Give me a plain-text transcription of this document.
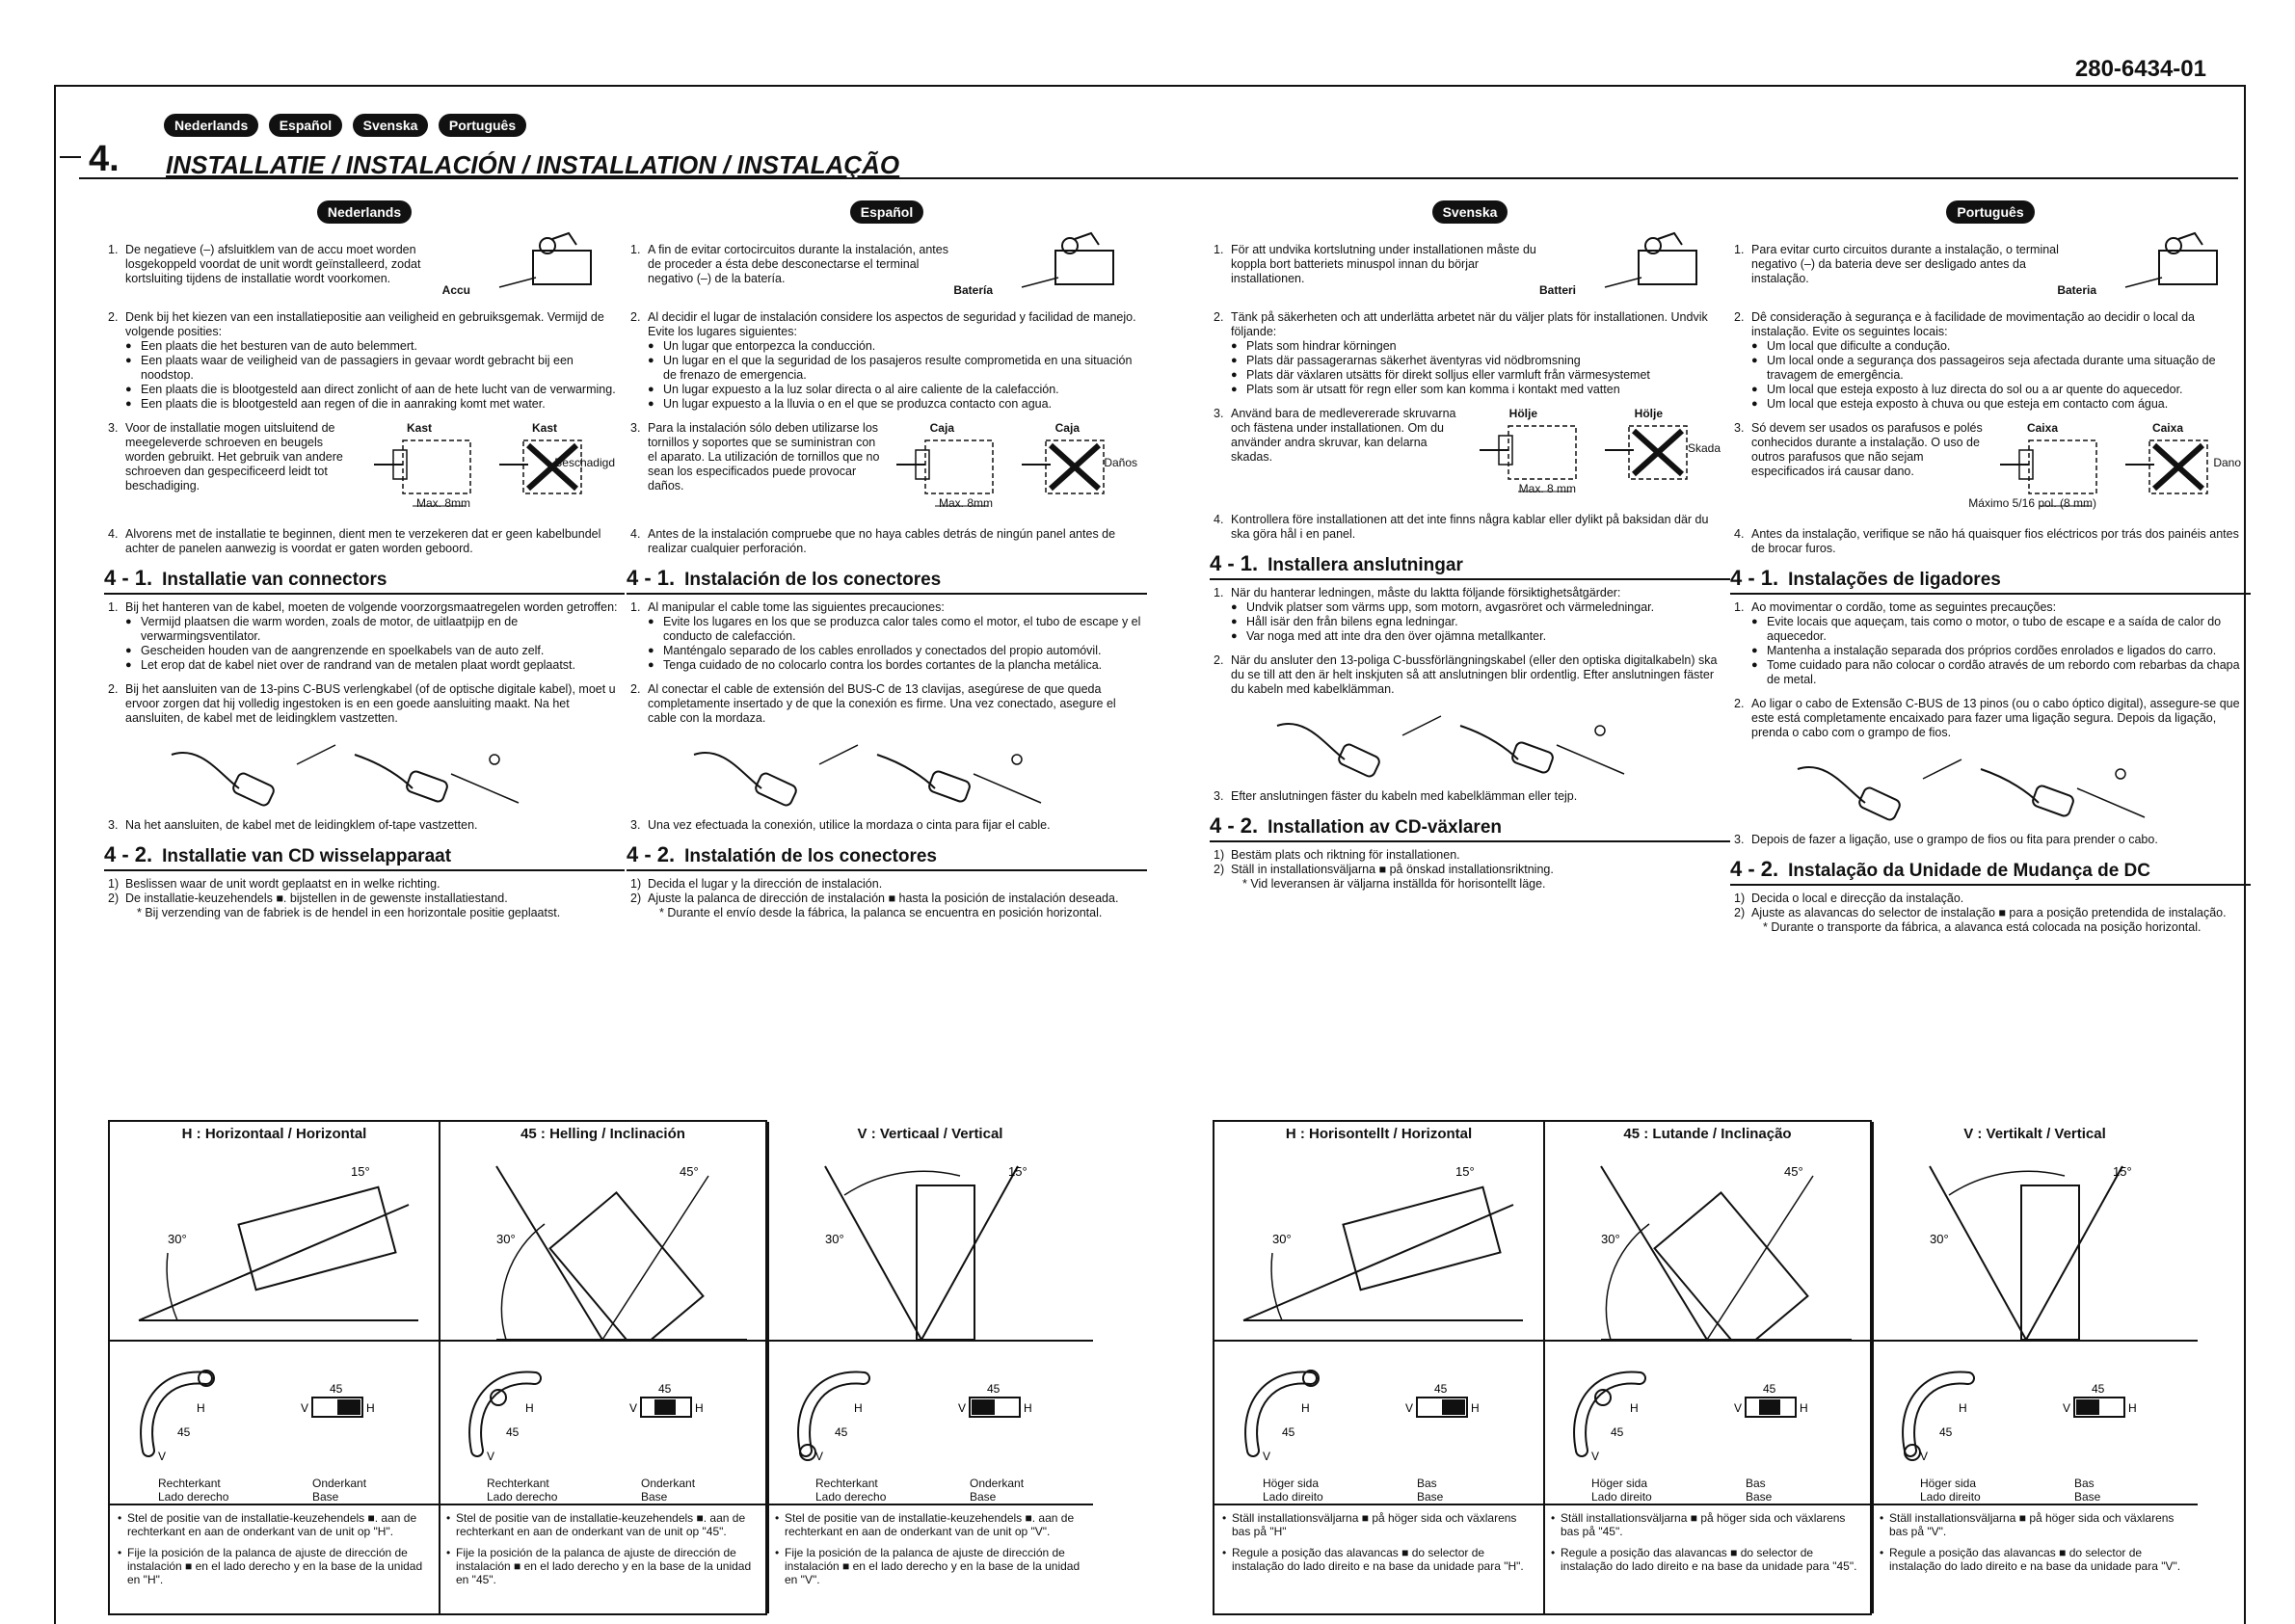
280-6434-01
Nederlands Español Svenska Português
4. INSTALLATIE / INSTALACIÓN / INSTALLATION / INSTALAÇÃO
Nederlands
1. De negatieve (–) afsluitklem van de accu moet worden losgekoppeld voordat de unit wordt geïnstalleerd, zodat kortsluiting tijdens de installatie wordt voorkomen.
Accu
2. Denk bij het kiezen van een installatiepositie aan veiligheid en gebruiksgemak. Vermijd de volgende posities:
● Een plaats die het besturen van de auto belemmert.
● Een plaats waar de veiligheid van de passagiers in gevaar wordt gebracht bij een noodstop.
● Een plaats die is blootgesteld aan direct zonlicht of aan de hete lucht van de verwarming.
● Een plaats die is blootgesteld aan regen of die in aanraking komt met water.
3. Voor de installatie mogen uitsluitend de meegeleverde schroeven en beugels worden gebruikt. Het gebruik van andere schroeven dan gespecificeerd leidt tot beschadiging.
Kast	Kast
Beschadigd
Max. 8mm
4. Alvorens met de installatie te beginnen, dient men te verzekeren dat er geen kabelbundel achter de panelen aanwezig is voordat er gaten worden geboord.
4 - 1. Installatie van connectors
1. Bij het hanteren van de kabel, moeten de volgende voorzorgsmaatregelen worden getroffen:
● Vermijd plaatsen die warm worden, zoals de motor, de uitlaatpijp en de verwarmingsventilator.
● Gescheiden houden van de aangrenzende en spoelkabels van de auto zelf.
● Let erop dat de kabel niet over de randrand van de metalen plaat wordt geplaatst.
2. Bij het aansluiten van de 13-pins C-BUS verlengkabel (of de optische digitale kabel), moet u ervoor zorgen dat hij volledig ingestoken is en een goede aansluiting maakt. Na het aansluiten, de kabel met de leidingklem vastzetten.
3. Na het aansluiten, de kabel met de leidingklem of-tape vastzetten.
4 - 2. Installatie van CD wisselapparaat
1) Beslissen waar de unit wordt geplaatst en in welke richting.
2) De installatie-keuzehendels ■. bijstellen in de gewenste installatiestand.
* Bij verzending van de fabriek is de hendel in een horizontale positie geplaatst.
Español
1. A fin de evitar cortocircuitos durante la instalación, antes de proceder a ésta debe desconectarse el terminal negativo (–) de la batería.
Batería
2. Al decidir el lugar de instalación considere los aspectos de seguridad y facilidad de manejo. Evite los lugares siguientes:
● Un lugar que entorpezca la conducción.
● Un lugar en el que la seguridad de los pasajeros resulte comprometida en una situación de frenazo de emergencia.
● Un lugar expuesto a la luz solar directa o al aire caliente de la calefacción.
● Un lugar expuesto a la lluvia o en el que se produzca contacto con agua.
3. Para la instalación sólo deben utilizarse los tornillos y soportes que se suministran con el aparato. La utilización de tornillos que no sean los especificados puede provocar daños.
Caja	Caja
Daños
Max. 8mm
4. Antes de la instalación compruebe que no haya cables detrás de ningún panel antes de realizar cualquier perforación.
4 - 1. Instalación de los conectores
1. Al manipular el cable tome las siguientes precauciones:
● Evite los lugares en los que se produzca calor tales como el motor, el tubo de escape y el conducto de calefacción.
● Manténgalo separado de los cables enrollados y conectados del propio automóvil.
● Tenga cuidado de no colocarlo contra los bordes cortantes de la plancha metálica.
2. Al conectar el cable de extensión del BUS-C de 13 clavijas, asegúrese de que queda completamente insertado y de que la conexión es firme. Una vez conectado, asegure el cable con la mordaza.
3. Una vez efectuada la conexión, utilice la mordaza o cinta para fijar el cable.
4 - 2. Instalatión de los conectores
1) Decida el lugar y la dirección de instalación.
2) Ajuste la palanca de dirección de instalación ■ hasta la posición de instalación deseada.
* Durante el envío desde la fábrica, la palanca se encuentra en posición horizontal.
Svenska
1. För att undvika kortslutning under installationen måste du koppla bort batteriets minuspol innan du börjar installationen.
Batteri
2. Tänk på säkerheten och att underlätta arbetet när du väljer plats för installationen. Undvik följande:
● Plats som hindrar körningen
● Plats där passagerarnas säkerhet äventyras vid nödbromsning
● Plats där växlaren utsätts för direkt solljus eller varmluft från värmesystemet
● Plats som är utsatt för regn eller som kan komma i kontakt med vatten
3. Använd bara de medlevererade skruvarna och fästena under installationen. Om du använder andra skruvar, kan delarna skadas.
Hölje	Hölje
Skada
Max. 8 mm
4. Kontrollera före installationen att det inte finns några kablar eller dylikt på baksidan där du ska göra hål i en panel.
4 - 1. Installera anslutningar
1. När du hanterar ledningen, måste du laktta följande försiktighetsåtgärder:
● Undvik platser som värms upp, som motorn, avgasröret och värmeledningar.
● Håll isär den från bilens egna ledningar.
● Var noga med att inte dra den över ojämna metallkanter.
2. När du ansluter den 13-poliga C-bussförlängningskabel (eller den optiska digitalkabeln) ska du se till att den är helt inskjuten så att anslutningen blir ordentlig. Efter anslutningen fäster du kabeln med kabelklämman.
3. Efter anslutningen fäster du kabeln med kabelklämman eller tejp.
4 - 2. Installation av CD-växlaren
1) Bestäm plats och riktning för installationen.
2) Ställ in installationsväljarna ■ på önskad installationsriktning.
* Vid leveransen är väljarna inställda för horisontellt läge.
Português
1. Para evitar curto circuitos durante a instalação, o terminal negativo (–) da bateria deve ser desligado antes da instalação.
Bateria
2. Dê consideração à segurança e à facilidade de movimentação ao decidir o local da instalação. Evite os seguintes locais:
● Um local que dificulte a condução.
● Um local onde a segurança dos passageiros seja afectada durante uma situação de travagem de emergência.
● Um local que esteja exposto à luz directa do sol ou a ar quente do aquecedor.
● Um local que esteja exposto à chuva ou que esteja em contacto com água.
3. Só devem ser usados os parafusos e polés conhecidos durante a instalação. O uso de outros parafusos que não sejam especificados irá causar dano.
Caixa	Caixa
Dano
Máximo 5/16 pol. (8 mm)
4. Antes da instalação, verifique se não há quaisquer fios eléctricos por trás dos painéis antes de brocar furos.
4 - 1. Instalações de ligadores
1. Ao movimentar o cordão, tome as seguintes precauções:
● Evite locais que aqueçam, tais como o motor, o tubo de escape e a saída de calor do aquecedor.
● Mantenha a instalação separada dos próprios cordões enrolados e ligados do carro.
● Tome cuidado para não colocar o cordão através de um rebordo com rebarbas da chapa de metal.
2. Ao ligar o cabo de Extensão C-BUS de 13 pinos (ou o cabo óptico digital), assegure-se que este está completamente encaixado para fazer uma ligação segura. Depois da ligação, prenda o cabo com o grampo de fios.
3. Depois de fazer a ligação, use o grampo de fios ou fita para prender o cabo.
4 - 2. Instalação da Unidade de Mudança de DC
1) Decida o local e direcção da instalação.
2) Ajuste as alavancas do selector de instalação ■ para a posição pretendida de instalação.
* Durante o transporte da fábrica, a alavanca está colocada na posição horizontal.
H : Horizontaal / Horizontal
30°
15°
H
45
V
V	H
45
Rechterkant
Lado derecho
Onderkant
Base
• Stel de positie van de installatie-keuzehendels ■. aan de rechterkant en aan de onderkant van de unit op "H".
• Fije la posición de la palanca de ajuste de dirección de instalación ■ en el lado derecho y en la base de la unidad en "H".
45 : Helling / Inclinación
30°
45°
H
45
V
V	H
45
Rechterkant
Lado derecho
Onderkant
Base
• Stel de positie van de installatie-keuzehendels ■. aan de rechterkant en aan de onderkant van de unit op "45".
• Fije la posición de la palanca de ajuste de dirección de instalación ■ en el lado derecho y en la base de la unidad en "45".
V : Verticaal / Vertical
30°
15°
H
45
V
V	H
45
Rechterkant
Lado derecho
Onderkant
Base
• Stel de positie van de installatie-keuzehendels ■. aan de rechterkant en aan de onderkant van de unit op "V".
• Fije la posición de la palanca de ajuste de dirección de instalación ■ en el lado derecho y en la base de la unidad en "V".
H : Horisontellt / Horizontal
30°
15°
H
45
V
V	H
45
Höger sida
Lado direito
Bas
Base
• Ställ installationsväljarna ■ på höger sida och växlarens bas på "H"
• Regule a posição das alavancas ■ do selector de instalação do lado direito e na base da unidade para "H".
45 : Lutande / Inclinação
30°
45°
H
45
V
V	H
45
Höger sida
Lado direito
Bas
Base
• Ställ installationsväljarna ■ på höger sida och växlarens bas på "45".
• Regule a posição das alavancas ■ do selector de instalação do lado direito e na base da unidade para "45".
V : Vertikalt / Vertical
30°
15°
H
45
V
V	H
45
Höger sida
Lado direito
Bas
Base
• Ställ installationsväljarna ■ på höger sida och växlarens bas på "V".
• Regule a posição das alavancas ■ do selector de instalação do lado direito e na base da unidade para "V".
